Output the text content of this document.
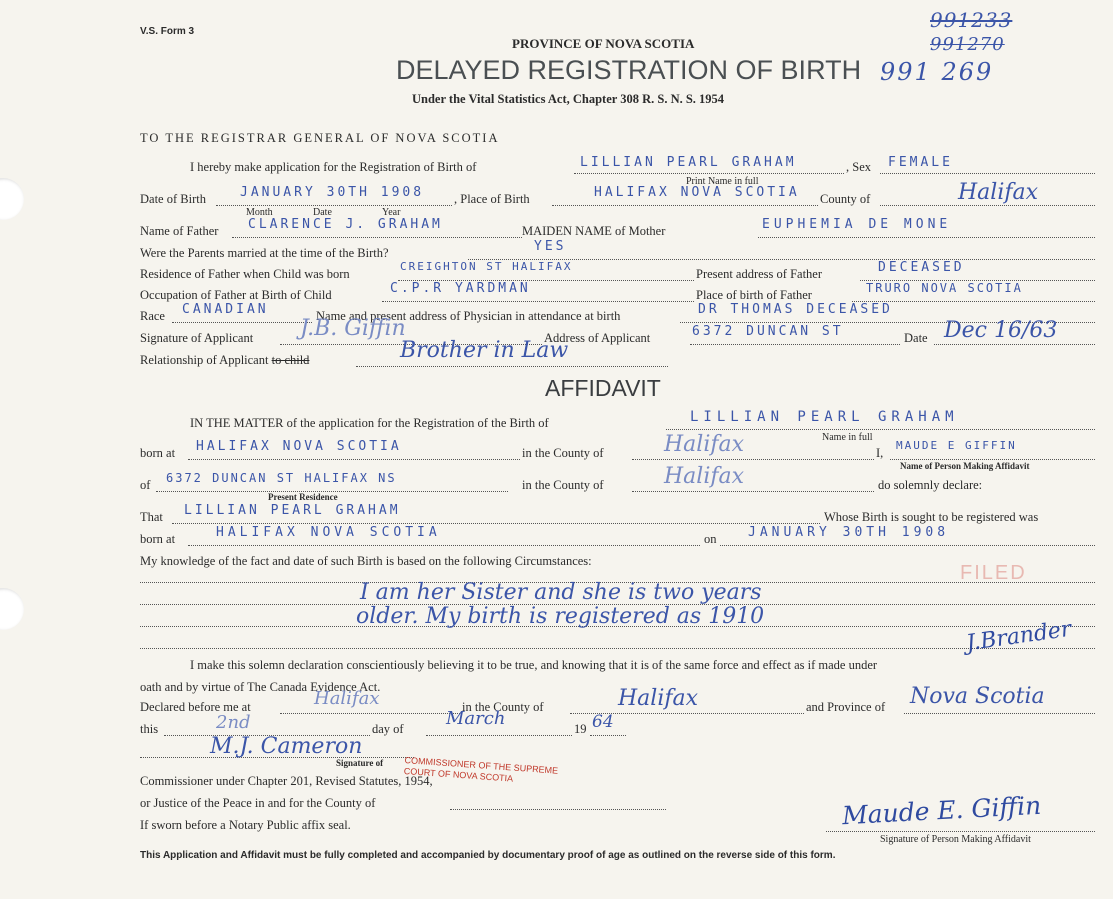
V.S. Form 3
PROVINCE OF NOVA SCOTIA
DELAYED REGISTRATION OF BIRTH
Under the Vital Statistics Act, Chapter 308 R. S. N. S. 1954
991233
991270
991 269
TO THE REGISTRAR GENERAL OF NOVA SCOTIA
I hereby make application for the Registration of Birth of	LILLIAN PEARL GRAHAM	, Sex FEMALE
Print Name in full
Date of Birth	JANUARY 30TH 1908 , Place of Birth	HALIFAX NOVA SCOTIA County of	Halifax
Month	Date	Year
Name of Father CLARENCE J. GRAHAM	MAIDEN NAME of Mother	EUPHEMIA DE MONE
Were the Parents married at the time of the Birth?	YES
Residence of Father when Child was born
CREIGHTON ST HALIFAX
Present address of Father	DECEASED
Occupation of Father at Birth of Child	C.P.R YARDMAN	Place of birth of Father	TRURO NOVA SCOTIA
Race CANADIAN	Name and present address of Physician in attendance at birth	DR THOMAS DECEASED
Signature of Applicant J.B. Giffin	Address of Applicant	6372 DUNCAN ST	Date Dec 16/63
Relationship of Applicant to child	Brother in Law
AFFIDAVIT
IN THE MATTER of the application for the Registration of the Birth of	LILLIAN PEARL GRAHAM
Name in full
born at HALIFAX NOVA SCOTIA	in the County of	Halifax	I,
MAUDE E GIFFIN
Name of Person Making Affidavit
of 6372 DUNCAN ST HALIFAX NS	in the County of	Halifax	do solemnly declare:
Present Residence
That LILLIAN PEARL GRAHAM	Whose Birth is sought to be registered was
born at	HALIFAX NOVA SCOTIA	on JANUARY 30TH 1908
My knowledge of the fact and date of such Birth is based on the following Circumstances:
I am her Sister and she is two years
older. My birth is registered as 1910
FILED
J.Brander
I make this solemn declaration conscientiously believing it to be true, and knowing that it is of the same force and effect as if made under
oath and by virtue of The Canada Evidence Act.
Declared before me at	Halifax	in the County of	Halifax	and Province of Nova Scotia
this	2nd	day of March	19 64
M.J. Cameron
Signature of COMMISSIONER OF THE SUPREME COURT OF NOVA SCOTIA
Commissioner under Chapter 201, Revised Statutes, 1954,
or Justice of the Peace in and for the County of
If sworn before a Notary Public affix seal.	Maude E. Giffin
Signature of Person Making Affidavit
This Application and Affidavit must be fully completed and accompanied by documentary proof of age as outlined on the reverse side of this form.
